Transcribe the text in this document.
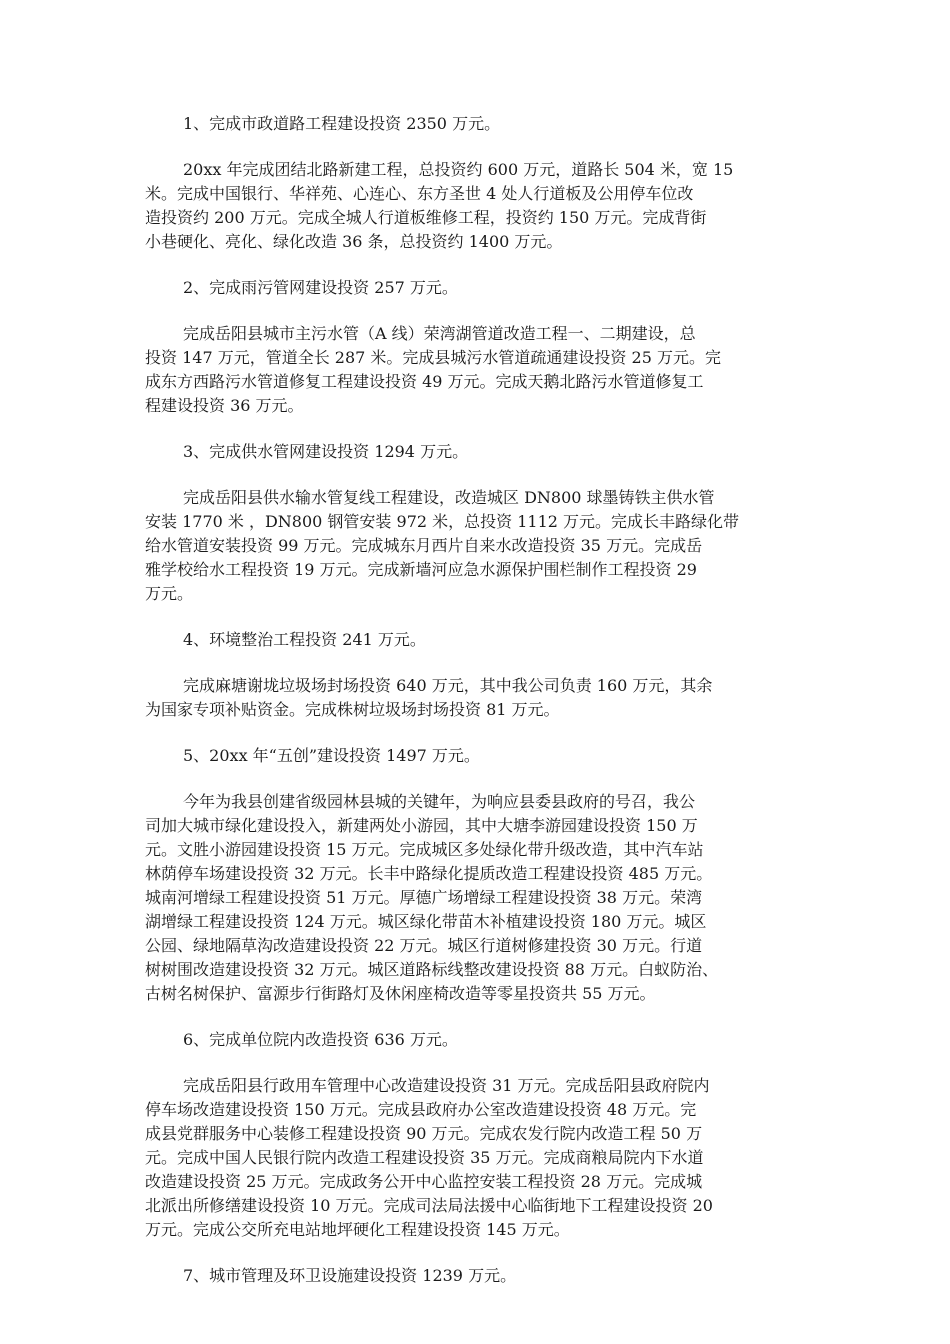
1、完成市政道路工程建设投资 2350 万元。
20xx 年完成团结北路新建工程，总投资约 600 万元，道路长 504 米，宽 15
米。完成中国银行、华祥苑、心连心、东方圣世 4 处人行道板及公用停车位改
造投资约 200 万元。完成全城人行道板维修工程，投资约 150 万元。完成背街
小巷硬化、亮化、绿化改造 36 条，总投资约 1400 万元。
2、完成雨污管网建设投资 257 万元。
完成岳阳县城市主污水管（A 线）荣湾湖管道改造工程一、二期建设，总
投资 147 万元，管道全长 287 米。完成县城污水管道疏通建设投资 25 万元。完
成东方西路污水管道修复工程建设投资 49 万元。完成天鹅北路污水管道修复工
程建设投资 36 万元。
3、完成供水管网建设投资 1294 万元。
完成岳阳县供水输水管复线工程建设，改造城区 DN800 球墨铸铁主供水管
安装 1770 米 ，DN800 钢管安装 972 米，总投资 1112 万元。完成长丰路绿化带
给水管道安装投资 99 万元。完成城东月西片自来水改造投资 35 万元。完成岳
雅学校给水工程投资 19 万元。完成新墙河应急水源保护围栏制作工程投资 29
万元。
4、环境整治工程投资 241 万元。
完成麻塘谢垅垃圾场封场投资 640 万元，其中我公司负责 160 万元，其余
为国家专项补贴资金。完成株树垃圾场封场投资 81 万元。
5、20xx 年“五创”建设投资 1497 万元。
今年为我县创建省级园林县城的关键年，为响应县委县政府的号召，我公
司加大城市绿化建设投入，新建两处小游园，其中大塘李游园建设投资 150 万
元。文胜小游园建设投资 15 万元。完成城区多处绿化带升级改造，其中汽车站
林荫停车场建设投资 32 万元。长丰中路绿化提质改造工程建设投资 485 万元。
城南河增绿工程建设投资 51 万元。厚德广场增绿工程建设投资 38 万元。荣湾
湖增绿工程建设投资 124 万元。城区绿化带苗木补植建设投资 180 万元。城区
公园、绿地隔草沟改造建设投资 22 万元。城区行道树修建投资 30 万元。行道
树树围改造建设投资 32 万元。城区道路标线整改建设投资 88 万元。白蚁防治、
古树名树保护、富源步行街路灯及休闲座椅改造等零星投资共 55 万元。
6、完成单位院内改造投资 636 万元。
完成岳阳县行政用车管理中心改造建设投资 31 万元。完成岳阳县政府院内
停车场改造建设投资 150 万元。完成县政府办公室改造建设投资 48 万元。完
成县党群服务中心装修工程建设投资 90 万元。完成农发行院内改造工程 50 万
元。完成中国人民银行院内改造工程建设投资 35 万元。完成商粮局院内下水道
改造建设投资 25 万元。完成政务公开中心监控安装工程投资 28 万元。完成城
北派出所修缮建设投资 10 万元。完成司法局法援中心临街地下工程建设投资 20
万元。完成公交所充电站地坪硬化工程建设投资 145 万元。
7、城市管理及环卫设施建设投资 1239 万元。
